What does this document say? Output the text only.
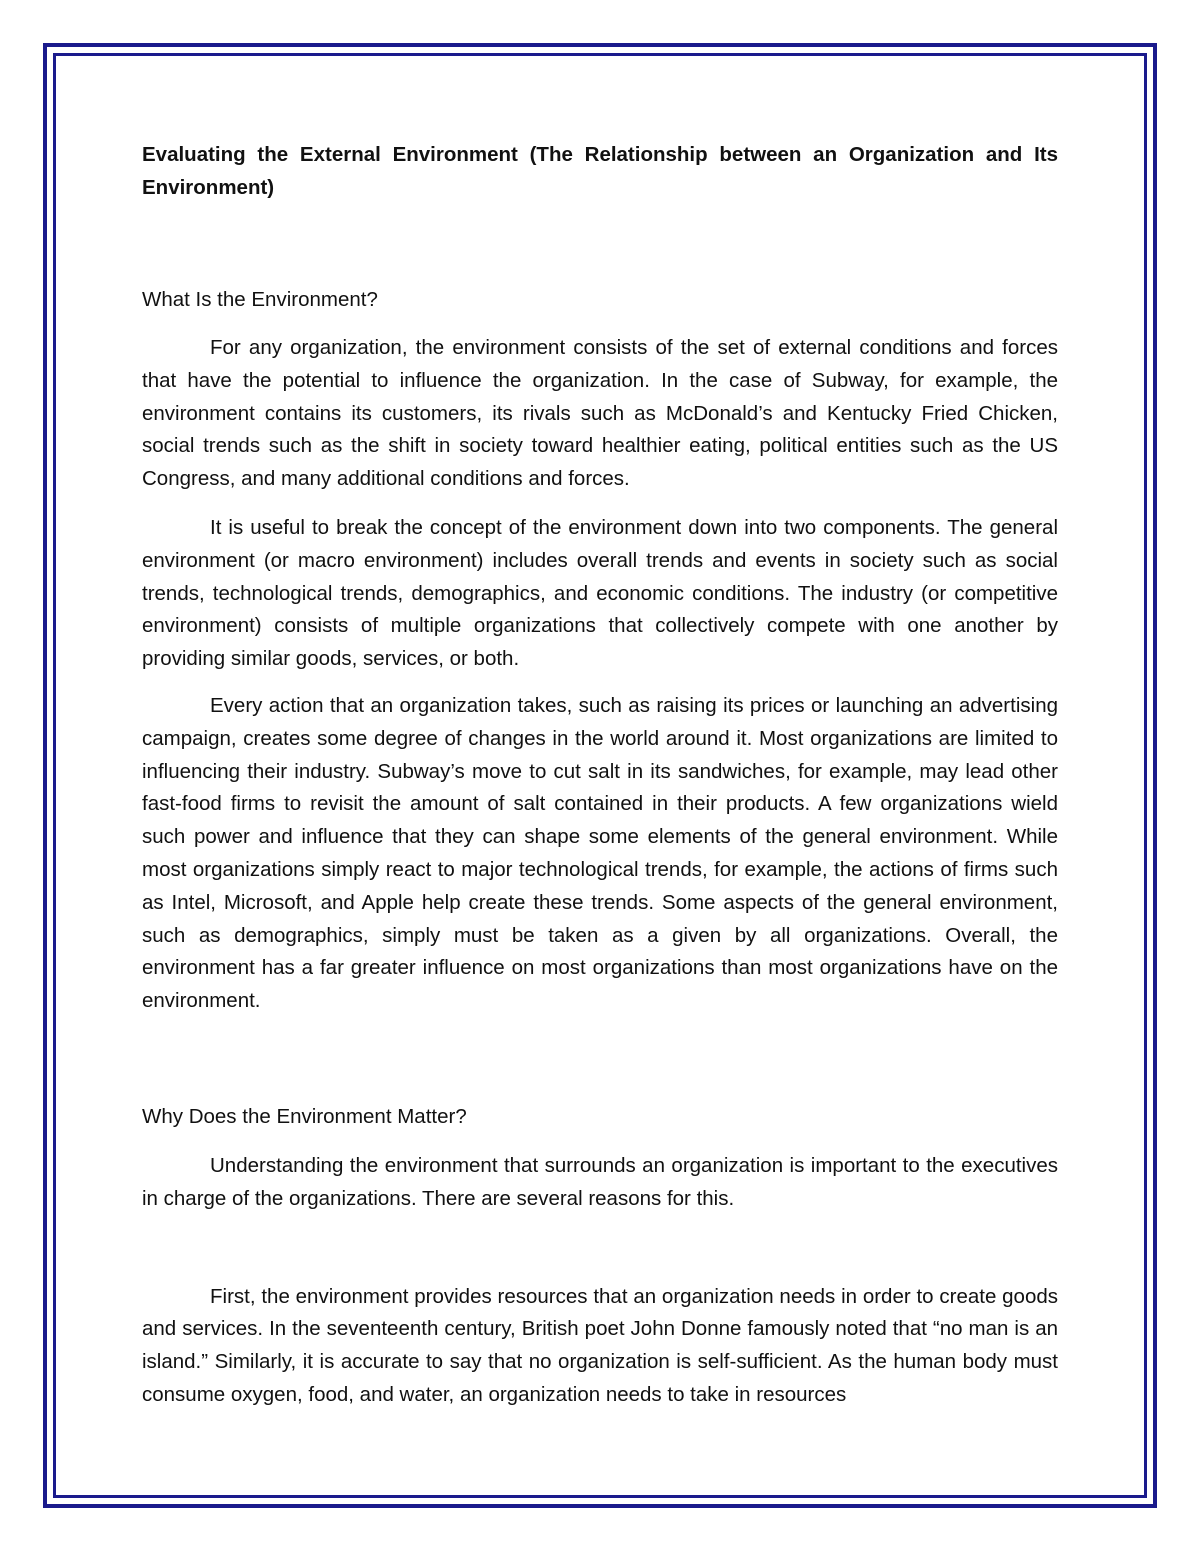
Evaluating the External Environment (The Relationship between an Organization and Its Environment)
What Is the Environment?

For any organization, the environment consists of the set of external conditions and forces that have the potential to influence the organization. In the case of Subway, for example, the environment contains its customers, its rivals such as McDonald’s and Kentucky Fried Chicken, social trends such as the shift in society toward healthier eating, political entities such as the US Congress, and many additional conditions and forces.

It is useful to break the concept of the environment down into two components. The general environment (or macro environment) includes overall trends and events in society such as social trends, technological trends, demographics, and economic conditions. The industry (or competitive environment) consists of multiple organizations that collectively compete with one another by providing similar goods, services, or both.

Every action that an organization takes, such as raising its prices or launching an advertising campaign, creates some degree of changes in the world around it. Most organizations are limited to influencing their industry. Subway’s move to cut salt in its sandwiches, for example, may lead other fast-food firms to revisit the amount of salt contained in their products. A few organizations wield such power and influence that they can shape some elements of the general environment. While most organizations simply react to major technological trends, for example, the actions of firms such as Intel, Microsoft, and Apple help create these trends. Some aspects of the general environment, such as demographics, simply must be taken as a given by all organizations. Overall, the environment has a far greater influence on most organizations than most organizations have on the environment.

Why Does the Environment Matter?

Understanding the environment that surrounds an organization is important to the executives in charge of the organizations. There are several reasons for this.

First, the environment provides resources that an organization needs in order to create goods and services. In the seventeenth century, British poet John Donne famously noted that “no man is an island.” Similarly, it is accurate to say that no organization is self-sufficient. As the human body must consume oxygen, food, and water, an organization needs to take in resources
